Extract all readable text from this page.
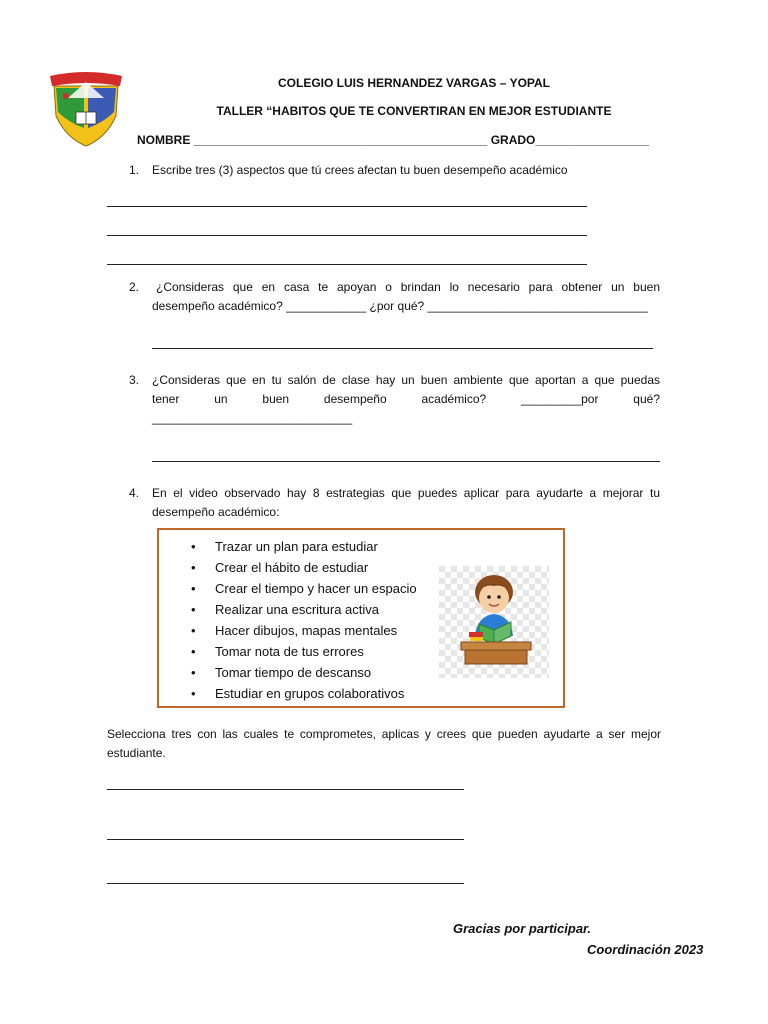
COLEGIO LUIS HERNANDEZ VARGAS – YOPAL
TALLER “HABITOS QUE TE CONVERTIRAN EN MEJOR ESTUDIANTE
NOMBRE ____________________________________________ GRADO_________________
1. Escribe tres (3) aspectos que tú crees afectan tu buen desempeño académico
2. ¿Consideras que en casa te apoyan o brindan lo necesario para obtener un buen
desempeño académico? ____________ ¿por qué? _________________________________
3. ¿Consideras que en tu salón de clase hay un buen ambiente que aportan a que puedas
tener un buen desempeño académico? _________por qué?
______________________________
4. En el video observado hay 8 estrategias que puedes aplicar para ayudarte a mejorar tu
desempeño académico:
• Trazar un plan para estudiar
• Crear el hábito de estudiar
• Crear el tiempo y hacer un espacio
• Realizar una escritura activa
• Hacer dibujos, mapas mentales
• Tomar nota de tus errores
• Tomar tiempo de descanso
• Estudiar en grupos colaborativos
Selecciona tres con las cuales te comprometes, aplicas y crees que pueden ayudarte a ser mejor
estudiante.
Gracias por participar.
Coordinación 2023
